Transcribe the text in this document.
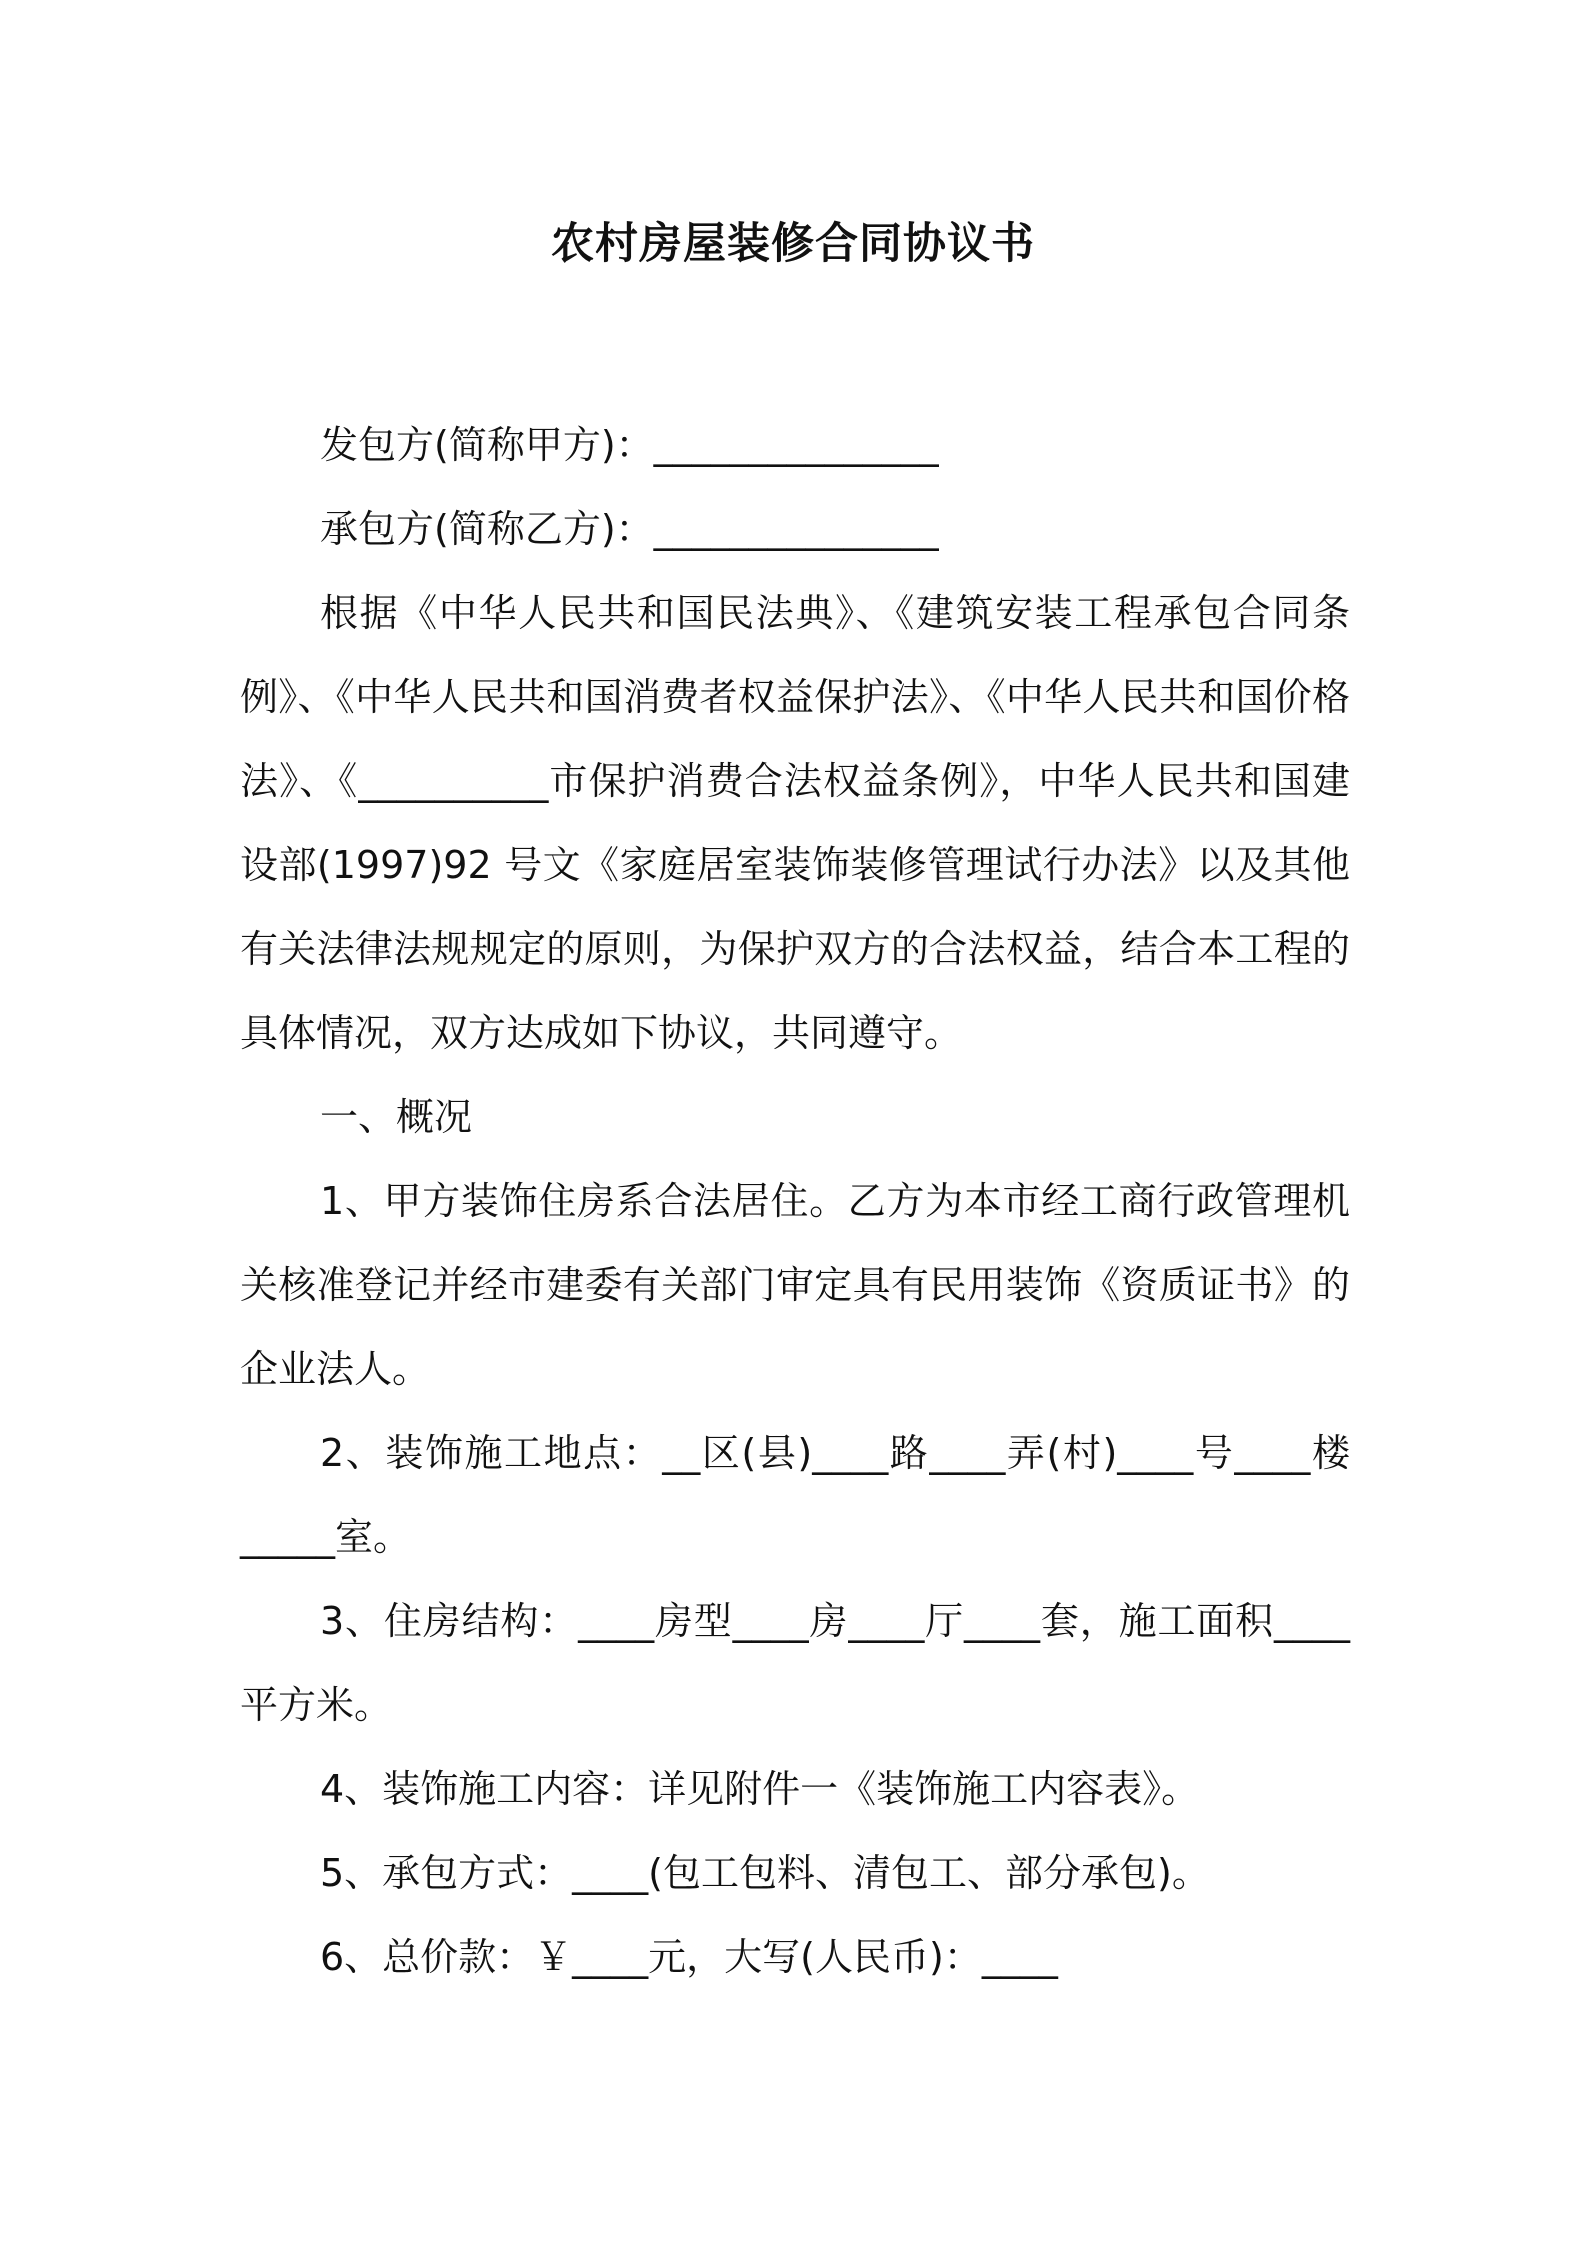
农村房屋装修合同协议书

发包方(简称甲方)：_______________

承包方(简称乙方)：_______________

根据《中华人民共和国民法典》、《建筑安装工程承包合同条例》、《中华人民共和国消费者权益保护法》、《中华人民共和国价格法》、《__________市保护消费合法权益条例》，中华人民共和国建设部(1997)92 号文《家庭居室装饰装修管理试行办法》以及其他有关法律法规规定的原则，为保护双方的合法权益，结合本工程的具体情况，双方达成如下协议，共同遵守。

一、概况

1、甲方装饰住房系合法居住。乙方为本市经工商行政管理机关核准登记并经市建委有关部门审定具有民用装饰《资质证书》的企业法人。

2、装饰施工地点：__区(县)____路____弄(村)____号____楼_____室。

3、住房结构：____房型____房____厅____套，施工面积____平方米。

4、装饰施工内容：详见附件一《装饰施工内容表》。

5、承包方式：____(包工包料、清包工、部分承包)。

6、总价款：￥____元，大写(人民币)：____
